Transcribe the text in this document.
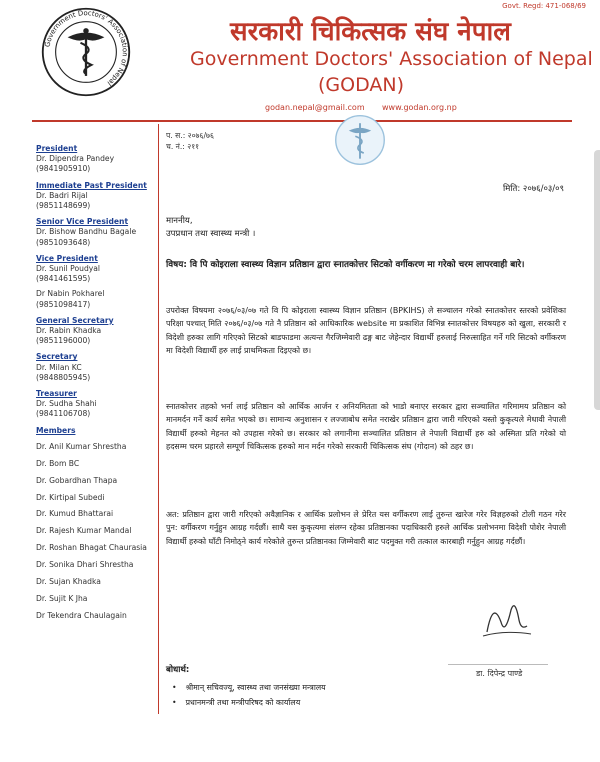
Govt. Regd: 471-068/69
Government Doctors' Association of Nepal
सरकारी चिकित्सक संघ नेपाल
Government Doctors' Association of Nepal
(GODAN)
godan.nepal@gmail.com www.godan.org.np
President
Dr. Dipendra Pandey
(9841905910)
Immediate Past President
Dr. Badri Rijal
(9851148699)
Senior Vice President
Dr. Bishow Bandhu Bagale
(9851093648)
Vice President
Dr. Sunil Poudyal
(9841461595)
Dr Nabin Pokharel
(9851098417)
General Secretary
Dr. Rabin Khadka
(9851196000)
Secretary
Dr. Milan KC
(9848805945)
Treasurer
Dr. Sudha Shahi
(9841106708)
Members
Dr. Anil Kumar Shrestha
Dr. Bom BC
Dr. Gobardhan Thapa
Dr. Kirtipal Subedi
Dr. Kumud Bhattarai
Dr. Rajesh Kumar Mandal
Dr. Roshan Bhagat Chaurasia
Dr. Sonika Dhari Shrestha
Dr. Sujan Khadka
Dr. Sujit K Jha
Dr Tekendra Chaulagain
प. स.: २०७६/७६
च. नं.: २११
मिति: २०७६/०३/०९
माननीय,
उपप्रधान तथा स्वास्थ्य मन्त्री ।
विषय: वि पि कोइराला स्वास्थ्य विज्ञान प्रतिष्ठान द्वारा स्नातकोत्तर सिटको वर्गीकरण मा गरेको चरम लापरवाही बारे।
उपरोक्त विषयमा २०७६/०३/०७ गते वि पि कोइराला स्वास्थ्य विज्ञान प्रतिष्ठान (BPKIHS) ले सञ्चालन गरेको स्नातकोत्तर स्तरको प्रवेशिका परिक्षा पश्चात् मिति २०७६/०३/०७ गते नै प्रतिष्ठान को आधिकारिक website मा प्रकाशित विभिन्न स्नातकोत्तर विषयहरु को खुला, सरकारी र विदेशी हरुका लागि गरिएको सिटको बाडफाडमा अत्यन्त गैरजिम्मेवारी ढङ्ग बाट जेहेन्दार विद्यार्थी हरुलाई निरुत्साहित गर्ने गरि सिटको वर्गीकरण मा विदेशी विद्यार्थी हरु लाई प्राथमिकता दिइएको छ।
स्नातकोत्तर तहको भर्ना लाई प्रतिष्ठान को आर्थिक आर्जन र अनियमितता को भाडो बनाएर सरकार द्वारा सञ्चालित गरिमामय प्रतिष्ठान को मानमर्दन गर्ने कार्य समेत भएको छ। सामान्य अनुशासन र लज्जाबोध समेत नराखेर प्रतिष्ठान द्वारा जारी गरिएको यस्तो कुकृत्यले मेधावी नेपाली विद्यार्थी हरुको मेहनत को उपहास गरेको छ। सरकार को लगानीमा सञ्चालित प्रतिष्ठान ले नेपाली विद्यार्थी हरु को अस्मिता प्रति गरेको यो हदसम्म चरम प्रहारले सम्पूर्ण चिकित्सक हरुको मान मर्दन गरेको सरकारी चिकित्सक संघ (गोदान) को ठहर छ।
अत: प्रतिष्ठान द्वारा जारी गरिएको अवैज्ञानिक र आर्थिक प्रलोभन ले प्रेरित यस वर्गीकरण लाई तुरुन्त खारेज गरेर विज्ञहरुको टोली गठन गरेर पुन: वर्गीकरण गर्नुहुन आग्रह गर्दछौं। साथै यस कुकृत्यमा संलग्न रहेका प्रतिष्ठानका पदाधिकारी हरुले आर्थिक प्रलोभनमा विदेशी पोशेर नेपाली विद्यार्थी हरुको घाँटी निमोठ्ने कार्य गरेकोले तुरुन्त प्रतिष्ठानका जिम्मेवारी बाट पदमुक्त गरी तत्काल कारबाही गर्नुहुन आग्रह गर्दछौं।
डा. दिपेन्द्र पाण्डे
बोधार्थ:
• श्रीमान् सचिवज्यू, स्वास्थ्य तथा जनसंख्या मन्त्रालय
• प्रधानमन्त्री तथा मन्त्रीपरिषद को कार्यालय
